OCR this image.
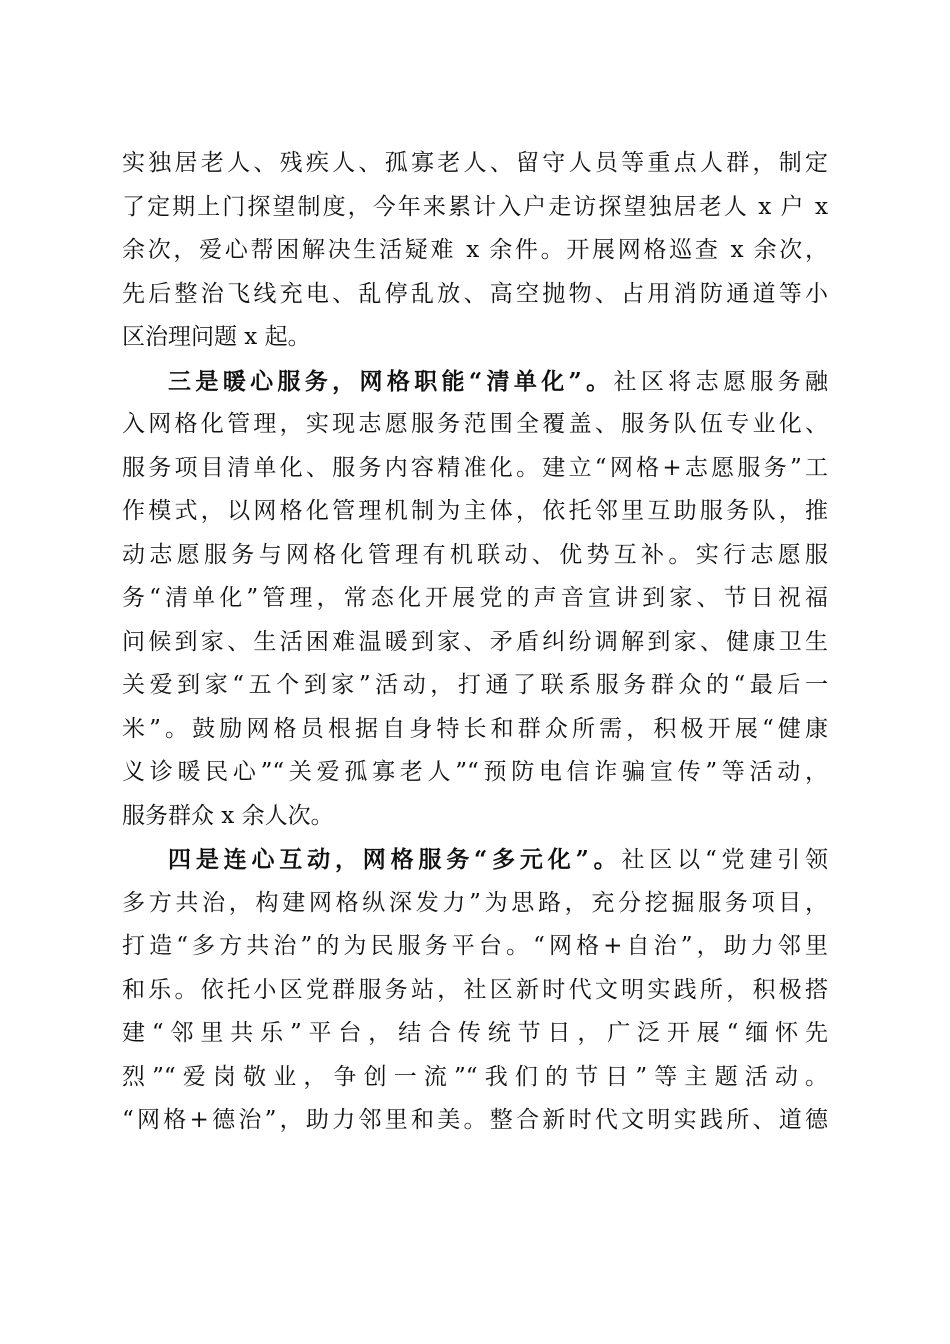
实独居老人、残疾人、孤寡老人、留守人员等重点人群，制定
了定期上门探望制度，今年来累计入户走访探望独居老人 x 户 x
余次，爱心帮困解决生活疑难 x 余件。开展网格巡查 x 余次，
先后整治飞线充电、乱停乱放、高空抛物、占用消防通道等小
区治理问题 x 起。
三是暖心服务，网格职能“清单化”。社区将志愿服务融
入网格化管理，实现志愿服务范围全覆盖、服务队伍专业化、
服务项目清单化、服务内容精准化。建立“网格+志愿服务”工
作模式，以网格化管理机制为主体，依托邻里互助服务队，推
动志愿服务与网格化管理有机联动、优势互补。实行志愿服
务“清单化”管理，常态化开展党的声音宣讲到家、节日祝福
问候到家、生活困难温暖到家、矛盾纠纷调解到家、健康卫生
关爱到家“五个到家”活动，打通了联系服务群众的“最后一
米”。鼓励网格员根据自身特长和群众所需，积极开展“健康
义诊暖民心”“关爱孤寡老人”“预防电信诈骗宣传”等活动，
服务群众 x 余人次。
四是连心互动，网格服务“多元化”。社区以“党建引领
多方共治，构建网格纵深发力”为思路，充分挖掘服务项目，
打造“多方共治”的为民服务平台。“网格+自治”，助力邻里
和乐。依托小区党群服务站，社区新时代文明实践所，积极搭
建“邻里共乐”平台，结合传统节日，广泛开展“缅怀先
烈”“爱岗敬业，争创一流”“我们的节日”等主题活动。
“网格+德治”，助力邻里和美。整合新时代文明实践所、道德
